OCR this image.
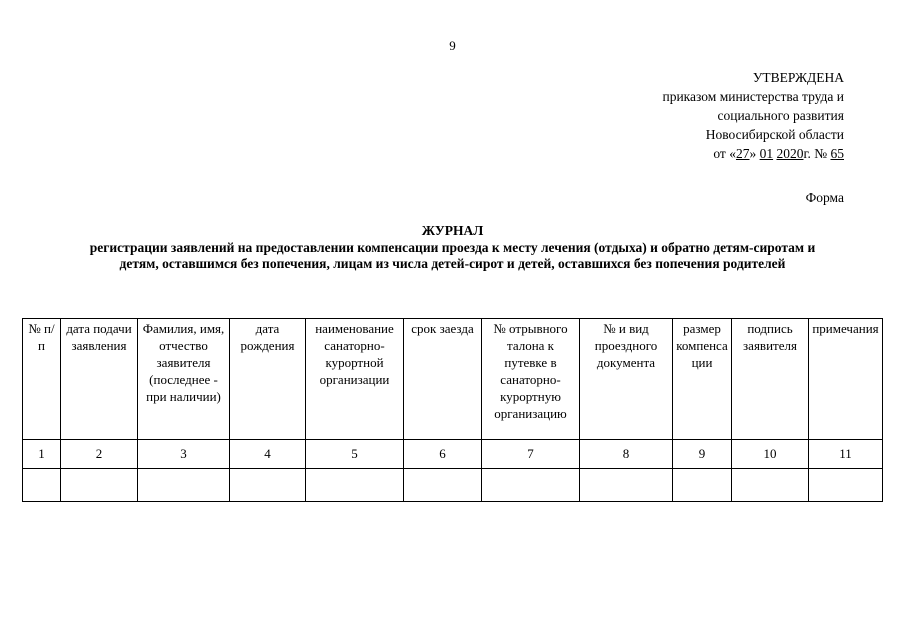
9
УТВЕРЖДЕНА
приказом министерства труда и
социального развития
Новосибирской области
от «27» 01 2020г. № 65
Форма
ЖУРНАЛ
регистрации заявлений на предоставлении компенсации проезда к месту лечения (отдыха) и обратно детям-сиротам и детям, оставшимся без попечения, лицам из числа детей-сирот и детей, оставшихся без попечения родителей
№ п/п	дата подачи заявления	Фамилия, имя, отчество заявителя (последнее - при наличии)	дата рождения	наименование санаторно-курортной организации	срок заезда	№ отрывного талона к путевке в санаторно-курортную организацию	№ и вид проездного документа	размер компенсации	подпись заявителя	примечания
1	2	3	4	5	6	7	8	9	10	11
